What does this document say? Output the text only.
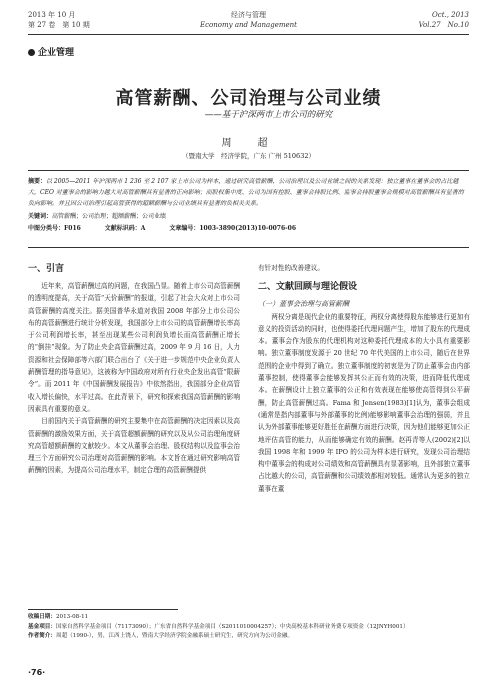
2013 年 10 月
第 27 卷　第 10 期
经济与管理
Economy and Management
Oct., 2013
Vol.27　No.10
企业管理
高管薪酬、公司治理与公司业绩
——基于沪深两市上市公司的研究
周　超
（暨南大学　经济学院，广东 广州 510632）
摘要：以 2005—2011 年沪深两市 1 236 至 2 107 家上市公司为样本，通过研究高管薪酬、公司治理以及公司业绩之间的关系发现：独立董事在董事会的占比越大，CEO 对董事会的影响力越大对高管薪酬具有显著的正向影响；而股权集中度、公司为国有控股、董事会持股比例、监事会持股董事会规模对高管薪酬具有显著的负向影响。并且因公司治理引起高管获得的超额薪酬与公司业绩具有显著的负相关关系。
关键词：高管薪酬；公司治理；超额薪酬；公司业绩
中图分类号：F016	文献标识码：A	文章编号：1003-3890(2013)10-0076-06
一、引言

近年来，高管薪酬过高的问题，在我国凸显。随着上市公司高管薪酬的透明度提高，关于高管“天价薪酬”的报道，引起了社会大众对上市公司高管薪酬的高度关注。据美国普华永道对我国 2008 年部分上市公司公布的高管薪酬进行统计分析发现，我国部分上市公司的高管薪酬增长率高于公司利润增长率，甚至出现某些公司利润负增长而高管薪酬正增长的“倒挂”现象。为了防止央企高管薪酬过高，2009 年 9 月 16 日，人力资源和社会保障部等六部门联合出台了《关于进一步规范中央企业负责人薪酬管理的指导意见》，这被称为中国政府对所有行业央企发出高管“限薪令”。而 2011 年《中国薪酬发展报告》中依然指出，我国部分企业高管收入增长偏快，水平过高。在此背景下，研究和探索我国高管薪酬的影响因素具有重要的意义。

目前国内关于高管薪酬的研究主要集中在高管薪酬的决定因素以及高管薪酬的激励效果方面，关于高管超额薪酬的研究以及从公司治理角度研究高管超额薪酬的文献较少。本文从董事会治理、股权结构以及监事会治理三个方面研究公司治理对高管薪酬的影响。本文旨在通过研究影响高管薪酬的因素，为提高公司治理水平，制定合理的高管薪酬提供

有针对性的改善建议。

二、文献回顾与理论假设
（一）董事会治理与高管薪酬

两权分离是现代企业的重要特征，两权分离使得股东能够进行更加有意义的投资活动的同时，也使得委托代理问题产生，增加了股东的代理成本。董事会作为股东的代理机构对这种委托代理成本的大小具有重要影响。独立董事制度发源于 20 世纪 70 年代美国的上市公司，随后在世界范围的企业中得到了确立。独立董事制度的初衷是为了防止董事会由内部董事控制，使得董事会能够发挥其公正而有效的决策，进而降低代理成本。在薪酬设计上独立董事的公正和有效表现在能够使高管得到公平薪酬，防止高管薪酬过高。Fama 和 Jensen(1983)[1]认为，董事会组成(通常是指内部董事与外部董事的比例)能够影响董事会治理的强弱，并且认为外部董事能够更好胜任在薪酬方面进行决策，因为他们能够更加公正地评估高管的能力，从而能够确定有效的薪酬。赵再青等人(2002)[2]以我国 1998 年和 1999 年 IPO 的公司为样本进行研究，发现公司治理结构中董事会的构成对公司绩效和高管薪酬具有显著影响，且外部独立董事占比越大的公司，高管薪酬和公司绩效都相对较低。通常认为更多的独立董事在董

收稿日期：2013-08-11
基金项目：国家自然科学基金项目（71173090）；广东省自然科学基金项目（S2011010004257）；中央高校基本科研业务费专项资金（12JNYH001）
作者简介：周超（1990-），男，江西上饶人，暨南大学经济学院金融系硕士研究生，研究方向为公司金融。
·76·
